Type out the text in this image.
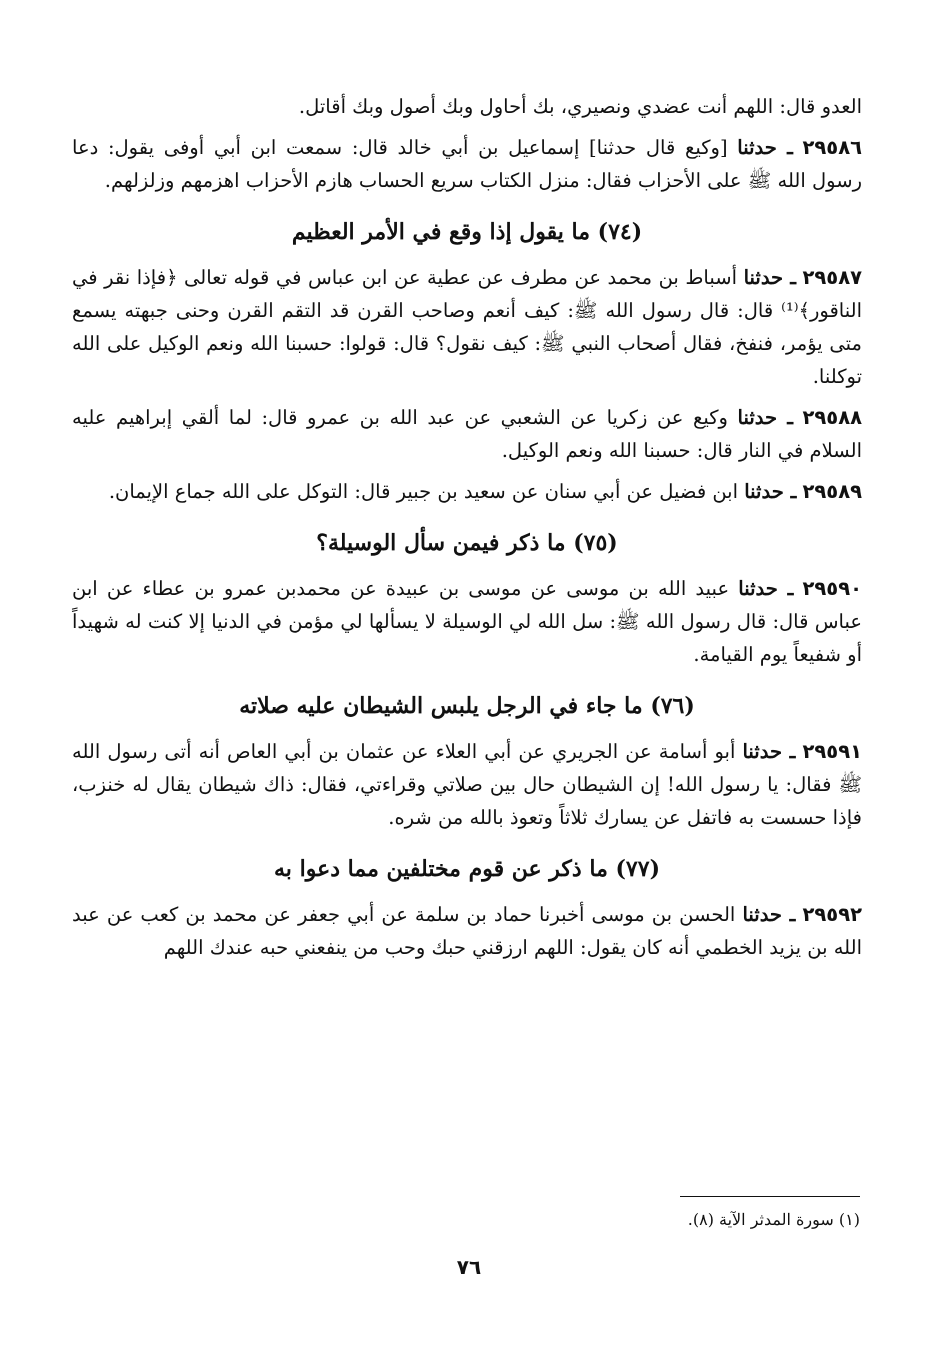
العدو قال: اللهم أنت عضدي ونصيري، بك أحاول وبك أصول وبك أقاتل.

٢٩٥٨٦ ـ حدثنا [وكيع قال حدثنا] إسماعيل بن أبي خالد قال: سمعت ابن أبي أوفى يقول: دعا رسول الله ﷺ على الأحزاب فقال: منزل الكتاب سريع الحساب هازم الأحزاب اهزمهم وزلزلهم.

(٧٤) ما يقول إذا وقع في الأمر العظيم

٢٩٥٨٧ ـ حدثنا أسباط بن محمد عن مطرف عن عطية عن ابن عباس في قوله تعالى ﴿فإذا نقر في الناقور﴾⁽¹⁾ قال: قال رسول الله ﷺ: كيف أنعم وصاحب القرن قد التقم القرن وحنى جبهته يسمع متى يؤمر، فنفخ، فقال أصحاب النبي ﷺ: كيف نقول؟ قال: قولوا: حسبنا الله ونعم الوكيل على الله توكلنا.

٢٩٥٨٨ ـ حدثنا وكيع عن زكريا عن الشعبي عن عبد الله بن عمرو قال: لما ألقي إبراهيم عليه السلام في النار قال: حسبنا الله ونعم الوكيل.

٢٩٥٨٩ ـ حدثنا ابن فضيل عن أبي سنان عن سعيد بن جبير قال: التوكل على الله جماع الإيمان.

(٧٥) ما ذكر فيمن سأل الوسيلة؟

٢٩٥٩٠ ـ حدثنا عبيد الله بن موسى عن موسى بن عبيدة عن محمدبن عمرو بن عطاء عن ابن عباس قال: قال رسول الله ﷺ: سل الله لي الوسيلة لا يسألها لي مؤمن في الدنيا إلا كنت له شهيداً أو شفيعاً يوم القيامة.

(٧٦) ما جاء في الرجل يلبس الشيطان عليه صلاته

٢٩٥٩١ ـ حدثنا أبو أسامة عن الجريري عن أبي العلاء عن عثمان بن أبي العاص أنه أتى رسول الله ﷺ فقال: يا رسول الله! إن الشيطان حال بين صلاتي وقراءتي، فقال: ذاك شيطان يقال له خنزب، فإذا حسست به فاتفل عن يسارك ثلاثاً وتعوذ بالله من شره.

(٧٧) ما ذكر عن قوم مختلفين مما دعوا به

٢٩٥٩٢ ـ حدثنا الحسن بن موسى أخبرنا حماد بن سلمة عن أبي جعفر عن محمد بن كعب عن عبد الله بن يزيد الخطمي أنه كان يقول: اللهم ارزقني حبك وحب من ينفعني حبه عندك اللهم

(١) سورة المدثر الآية (٨).
٧٦
